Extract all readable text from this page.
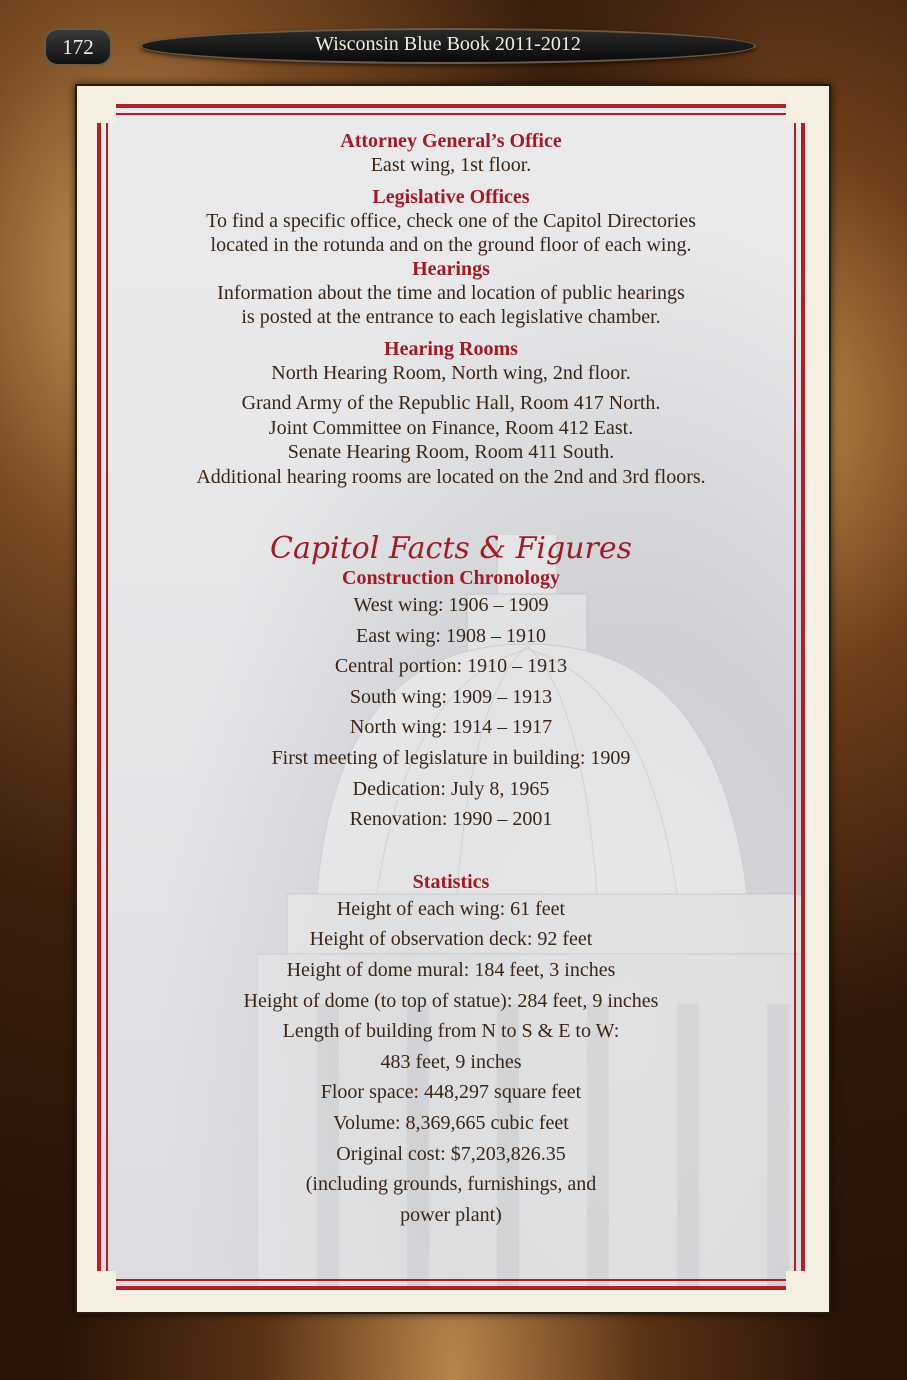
172	Wisconsin Blue Book 2011-2012
Attorney General’s Office
East wing, 1st floor.
Legislative Offices
To find a specific office, check one of the Capitol Directories
located in the rotunda and on the ground floor of each wing.
Hearings
Information about the time and location of public hearings
is posted at the entrance to each legislative chamber.
Hearing Rooms
North Hearing Room, North wing, 2nd floor.
Grand Army of the Republic Hall, Room 417 North.
Joint Committee on Finance, Room 412 East.
Senate Hearing Room, Room 411 South.
Additional hearing rooms are located on the 2nd and 3rd floors.
Capitol Facts & Figures
Construction Chronology
West wing: 1906 – 1909
East wing: 1908 – 1910
Central portion: 1910 – 1913
South wing: 1909 – 1913
North wing: 1914 – 1917
First meeting of legislature in building: 1909
Dedication: July 8, 1965
Renovation: 1990 – 2001
Statistics
Height of each wing: 61 feet
Height of observation deck: 92 feet
Height of dome mural: 184 feet, 3 inches
Height of dome (to top of statue): 284 feet, 9 inches
Length of building from N to S & E to W:
483 feet, 9 inches
Floor space: 448,297 square feet
Volume: 8,369,665 cubic feet
Original cost: $7,203,826.35
(including grounds, furnishings, and
power plant)
